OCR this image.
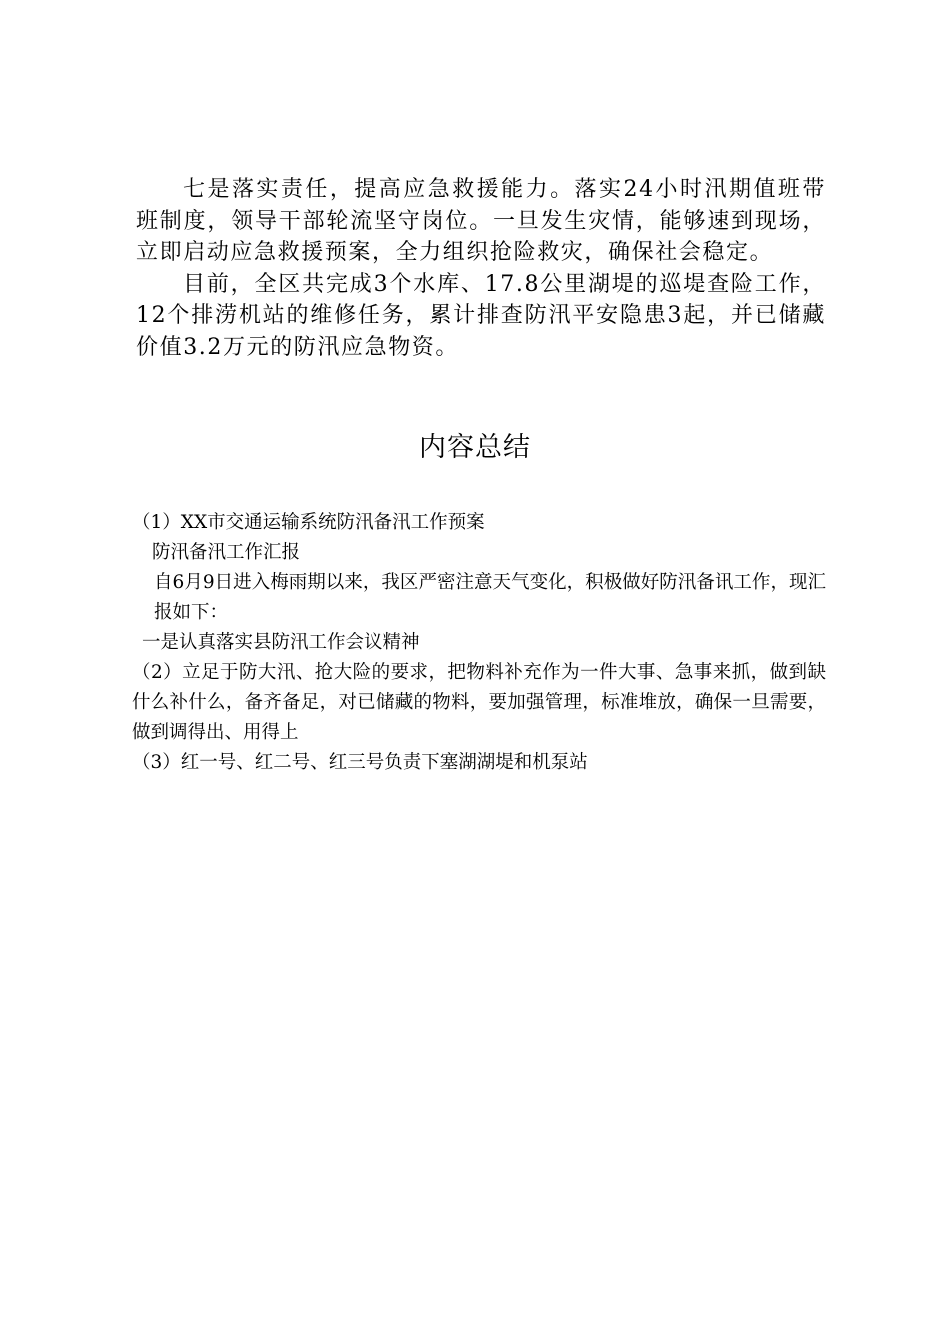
七是落实责任，提高应急救援能力。落实24小时汛期值班带班制度，领导干部轮流坚守岗位。一旦发生灾情，能够速到现场，立即启动应急救援预案，全力组织抢险救灾，确保社会稳定。

目前，全区共完成3个水库、17.8公里湖堤的巡堤查险工作，12个排涝机站的维修任务，累计排查防汛平安隐患3起，并已储藏价值3.2万元的防汛应急物资。

内容总结

（1）XX市交通运输系统防汛备汛工作预案

防汛备汛工作汇报

自6月9日进入梅雨期以来，我区严密注意天气变化，积极做好防汛备讯工作，现汇报如下：

一是认真落实县防汛工作会议精神

（2）立足于防大汛、抢大险的要求，把物料补充作为一件大事、急事来抓，做到缺什么补什么，备齐备足，对已储藏的物料，要加强管理，标准堆放，确保一旦需要，做到调得出、用得上

（3）红一号、红二号、红三号负责下塞湖湖堤和机泵站
